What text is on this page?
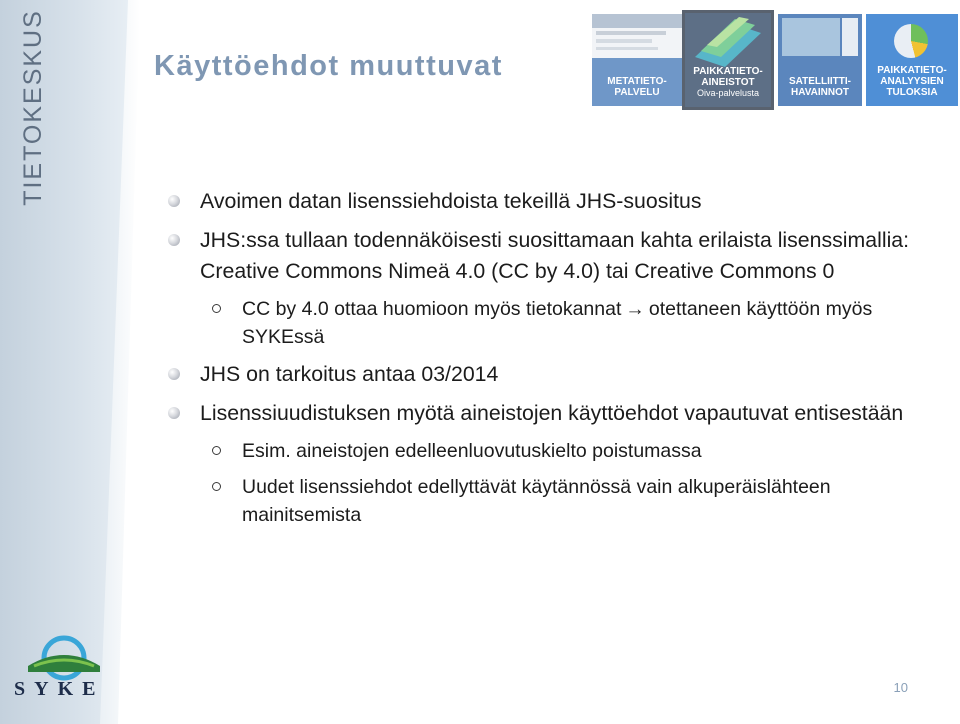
TIETOKESKUS
SYKE
Käyttöehdot muuttuvat	METATIETO-
PALVELU
PAIKKATIETO-
AINEISTOT
Oiva-palvelusta
SATELLIITTI-
HAVAINNOT
PAIKKATIETO-
ANALYYSIEN
TULOKSIA
Avoimen datan lisenssiehdoista tekeillä JHS-suositus
JHS:ssa tullaan todennäköisesti suosittamaan kahta erilaista lisenssimallia: Creative Commons Nimeä 4.0 (CC by 4.0) tai Creative Commons 0
CC by 4.0 ottaa huomioon myös tietokannat → otettaneen käyttöön myös SYKEssä
JHS on tarkoitus antaa 03/2014
Lisenssiuudistuksen myötä aineistojen käyttöehdot vapautuvat entisestään
Esim. aineistojen edelleenluovutuskielto poistumassa
Uudet lisenssiehdot edellyttävät käytännössä vain alkuperäislähteen mainitsemista
10
